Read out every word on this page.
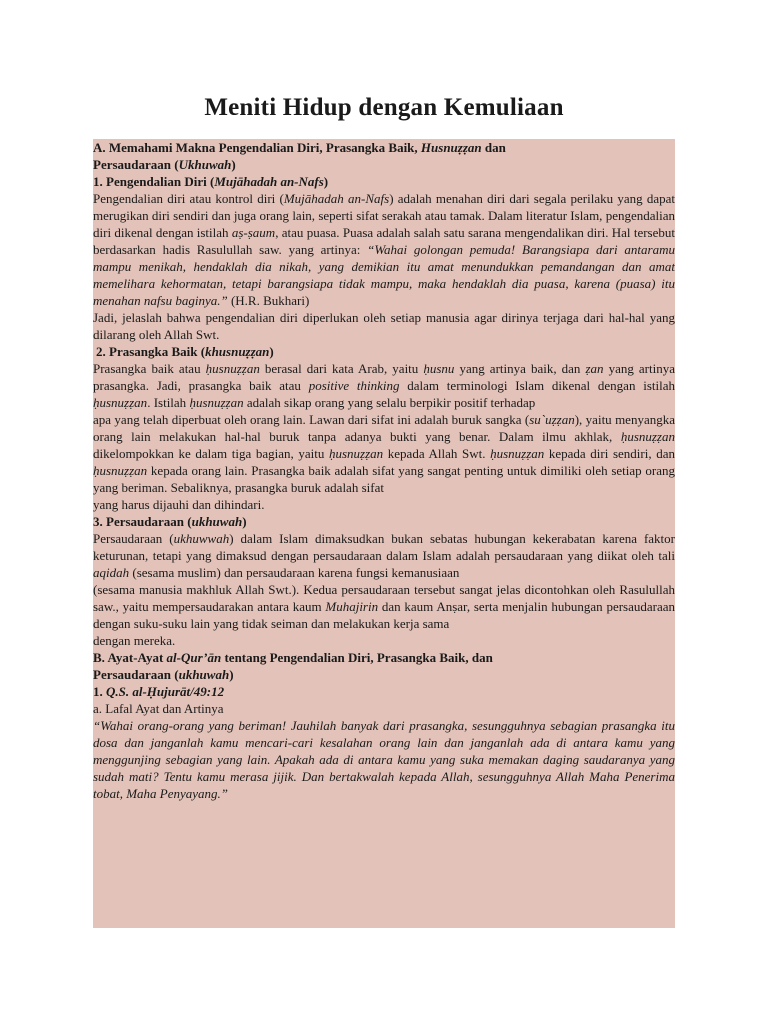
Meniti Hidup dengan Kemuliaan

A. Memahami Makna Pengendalian Diri, Prasangka Baik, Husnuẓẓan dan
Persaudaraan (Ukhuwah)

1. Pengendalian Diri (Mujāhadah an-Nafs)

Pengendalian diri atau kontrol diri (Mujāhadah an-Nafs) adalah menahan diri dari segala perilaku yang dapat merugikan diri sendiri dan juga orang lain, seperti sifat serakah atau tamak. Dalam literatur Islam, pengendalian diri dikenal dengan istilah aṣ-ṣaum, atau puasa. Puasa adalah salah satu sarana mengendalikan diri. Hal tersebut berdasarkan hadis Rasulullah saw. yang artinya: “Wahai golongan pemuda! Barangsiapa dari antaramu mampu menikah, hendaklah dia nikah, yang demikian itu amat menundukkan pemandangan dan amat memelihara kehormatan, tetapi barangsiapa tidak mampu, maka hendaklah dia puasa, karena (puasa) itu menahan nafsu baginya.” (H.R. Bukhari)

Jadi, jelaslah bahwa pengendalian diri diperlukan oleh setiap manusia agar dirinya terjaga dari hal-hal yang dilarang oleh Allah Swt.

2. Prasangka Baik (khusnuẓẓan)

Prasangka baik atau ḥusnuẓẓan berasal dari kata Arab, yaitu ḥusnu yang artinya baik, dan ẓan yang artinya prasangka. Jadi, prasangka baik atau positive thinking dalam terminologi Islam dikenal dengan istilah ḥusnuẓẓan. Istilah ḥusnuẓẓan adalah sikap orang yang selalu berpikir positif terhadap

apa yang telah diperbuat oleh orang lain. Lawan dari sifat ini adalah buruk sangka (su`uẓẓan), yaitu menyangka orang lain melakukan hal-hal buruk tanpa adanya bukti yang benar. Dalam ilmu akhlak, ḥusnuẓẓan dikelompokkan ke dalam tiga bagian, yaitu ḥusnuẓẓan kepada Allah Swt. ḥusnuẓẓan kepada diri sendiri, dan ḥusnuẓẓan kepada orang lain. Prasangka baik adalah sifat yang sangat penting untuk dimiliki oleh setiap orang yang beriman. Sebaliknya, prasangka buruk adalah sifat

yang harus dijauhi dan dihindari.

3. Persaudaraan (ukhuwah)

Persaudaraan (ukhuwwah) dalam Islam dimaksudkan bukan sebatas hubungan kekerabatan karena faktor keturunan, tetapi yang dimaksud dengan persaudaraan dalam Islam adalah persaudaraan yang diikat oleh tali aqidah (sesama muslim) dan persaudaraan karena fungsi kemanusiaan

(sesama manusia makhluk Allah Swt.). Kedua persaudaraan tersebut sangat jelas dicontohkan oleh Rasulullah saw., yaitu mempersaudarakan antara kaum Muhajirin dan kaum Anṣar, serta menjalin hubungan persaudaraan dengan suku-suku lain yang tidak seiman dan melakukan kerja sama

dengan mereka.

B. Ayat-Ayat al-Qur’ān tentang Pengendalian Diri, Prasangka Baik, dan
Persaudaraan (ukhuwah)

1. Q.S. al-Ḥujurāt/49:12

a. Lafal Ayat dan Artinya

“Wahai orang-orang yang beriman! Jauhilah banyak dari prasangka, sesungguhnya sebagian prasangka itu dosa dan janganlah kamu mencari-cari kesalahan orang lain dan janganlah ada di antara kamu yang menggunjing sebagian yang lain. Apakah ada di antara kamu yang suka memakan daging saudaranya yang sudah mati? Tentu kamu merasa jijik. Dan bertakwalah kepada Allah, sesungguhnya Allah Maha Penerima tobat, Maha Penyayang.”
